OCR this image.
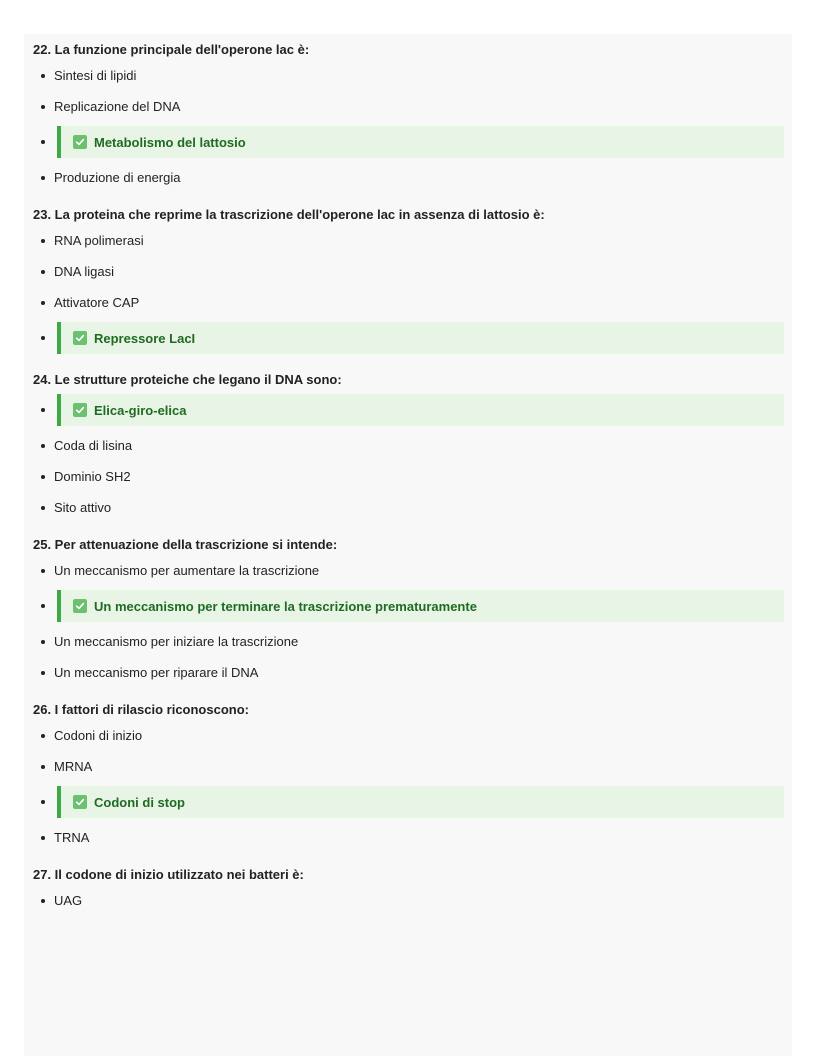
22. La funzione principale dell'operone lac è:
Sintesi di lipidi
Replicazione del DNA
Metabolismo del lattosio
Produzione di energia
23. La proteina che reprime la trascrizione dell'operone lac in assenza di lattosio è:
RNA polimerasi
DNA ligasi
Attivatore CAP
Repressore LacI
24. Le strutture proteiche che legano il DNA sono:
Elica-giro-elica
Coda di lisina
Dominio SH2
Sito attivo
25. Per attenuazione della trascrizione si intende:
Un meccanismo per aumentare la trascrizione
Un meccanismo per terminare la trascrizione prematuramente
Un meccanismo per iniziare la trascrizione
Un meccanismo per riparare il DNA
26. I fattori di rilascio riconoscono:
Codoni di inizio
MRNA
Codoni di stop
TRNA
27. Il codone di inizio utilizzato nei batteri è:
UAG
